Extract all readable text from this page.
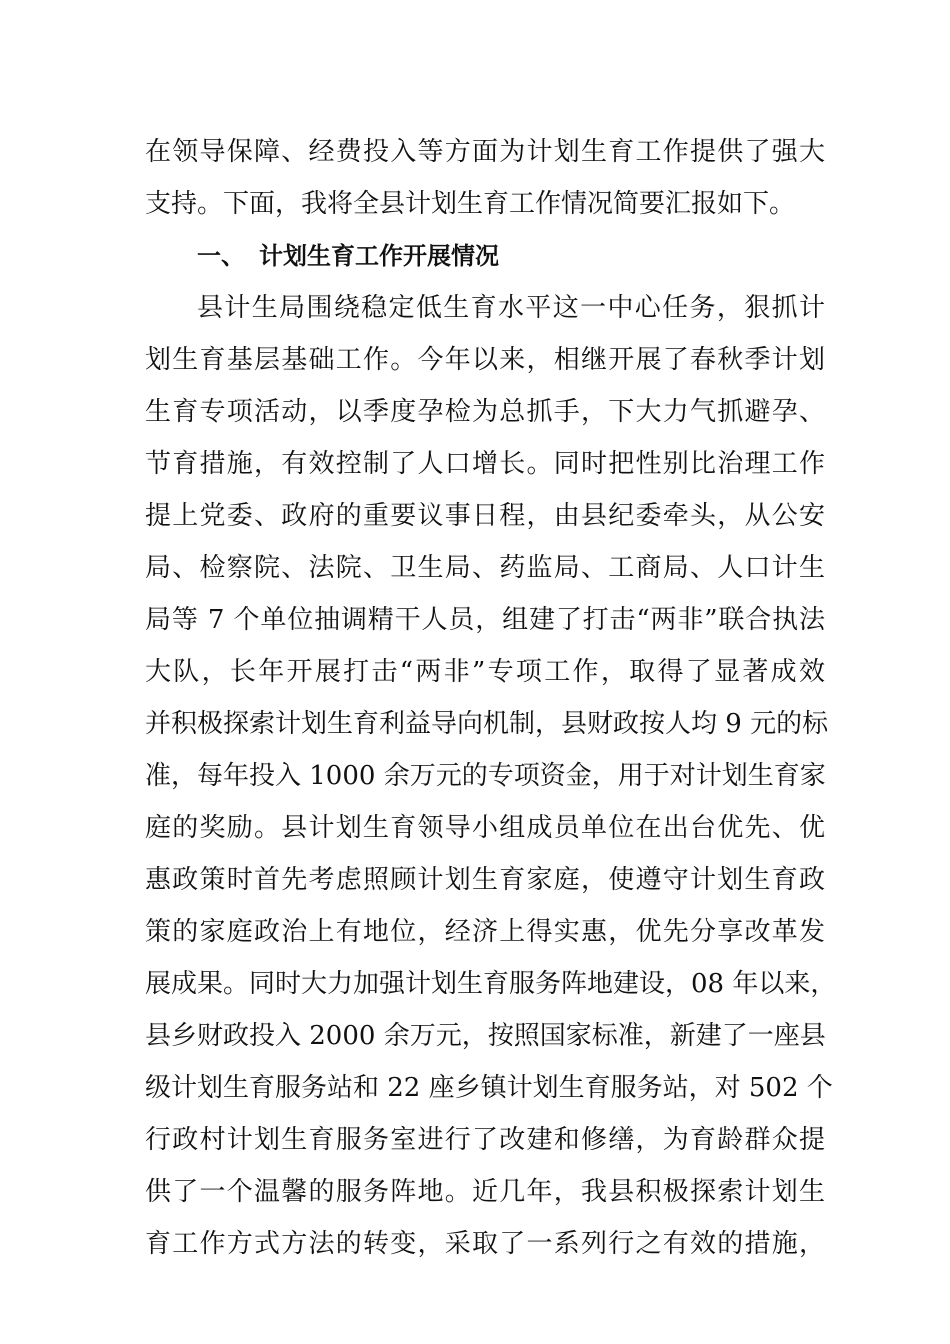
在领导保障、经费投入等方面为计划生育工作提供了强大
支持。下面，我将全县计划生育工作情况简要汇报如下。
一、 计划生育工作开展情况
县计生局围绕稳定低生育水平这一中心任务，狠抓计
划生育基层基础工作。今年以来，相继开展了春秋季计划
生育专项活动，以季度孕检为总抓手，下大力气抓避孕、
节育措施，有效控制了人口增长。同时把性别比治理工作
提上党委、政府的重要议事日程，由县纪委牵头，从公安
局、检察院、法院、卫生局、药监局、工商局、人口计生
局等 7 个单位抽调精干人员，组建了打击“两非”联合执法
大队，长年开展打击“两非”专项工作，取得了显著成效
并积极探索计划生育利益导向机制，县财政按人均 9 元的标
准，每年投入 1000 余万元的专项资金，用于对计划生育家
庭的奖励。县计划生育领导小组成员单位在出台优先、优
惠政策时首先考虑照顾计划生育家庭，使遵守计划生育政
策的家庭政治上有地位，经济上得实惠，优先分享改革发
展成果。同时大力加强计划生育服务阵地建设，08 年以来，
县乡财政投入 2000 余万元，按照国家标准，新建了一座县
级计划生育服务站和 22 座乡镇计划生育服务站，对 502 个
行政村计划生育服务室进行了改建和修缮，为育龄群众提
供了一个温馨的服务阵地。近几年，我县积极探索计划生
育工作方式方法的转变，采取了一系列行之有效的措施，
